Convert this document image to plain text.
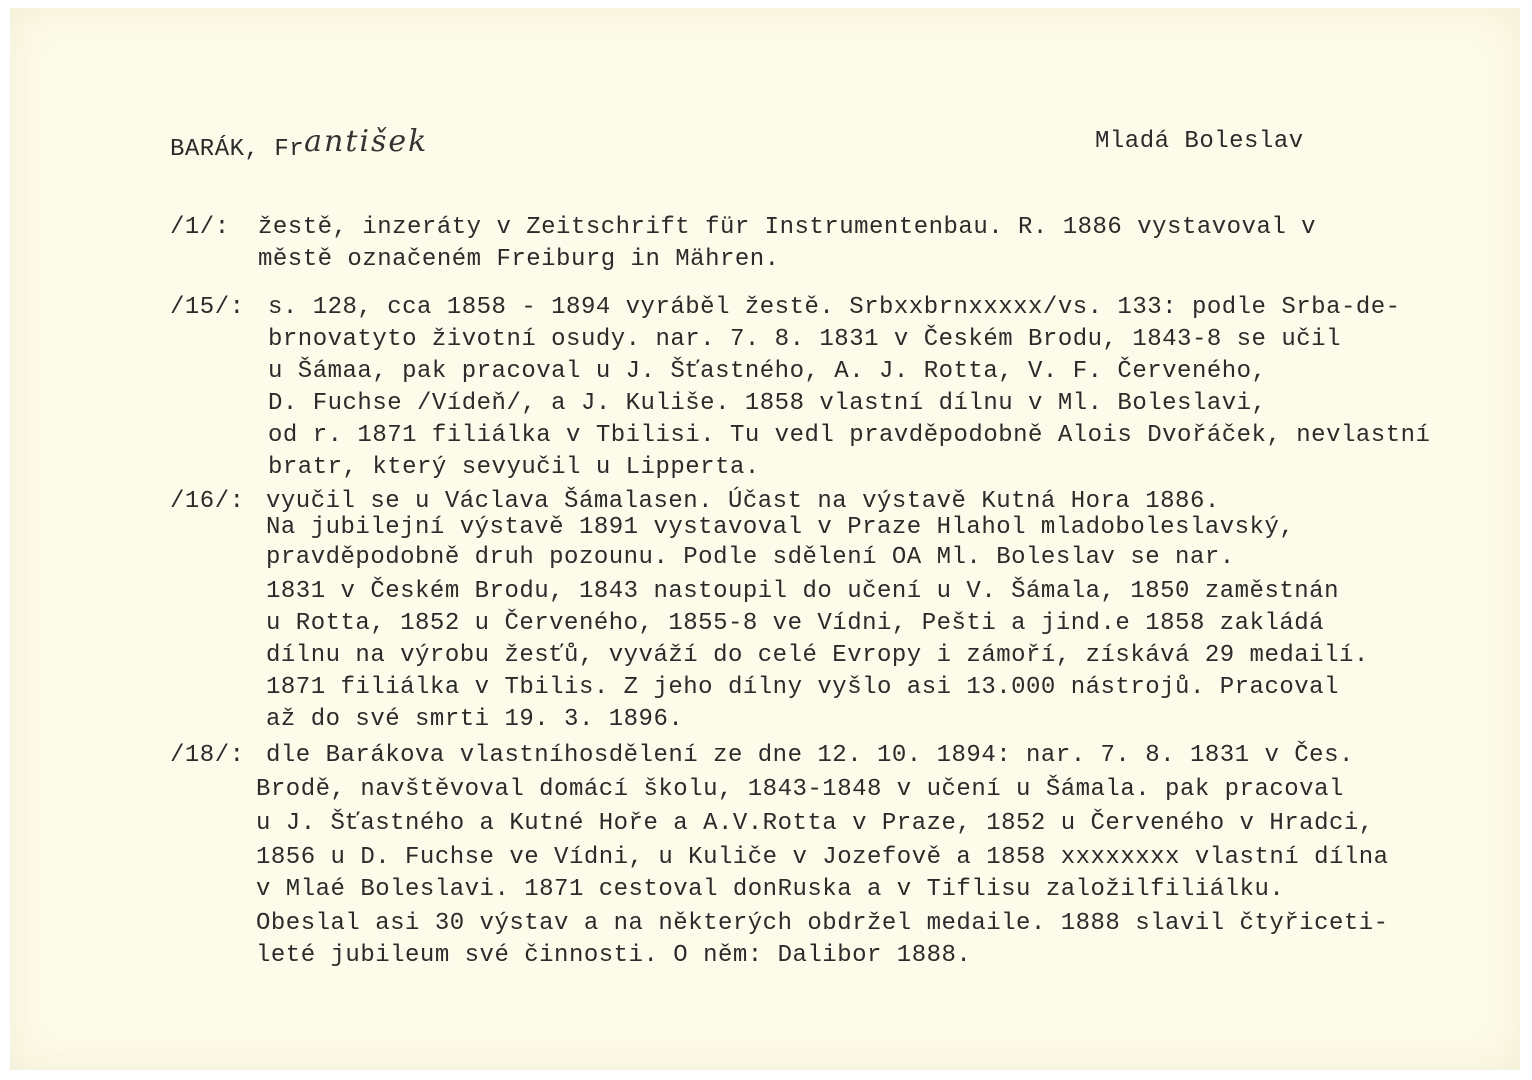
BARÁK, František	Mladá Boleslav
/1/:	žestě, inzeráty v Zeitschrift für Instrumentenbau. R. 1886 vystavoval v
městě označeném Freiburg in Mähren.
/15/: s. 128, cca 1858 - 1894 vyráběl žestě. Srbxxbrnxxxxx/vs. 133: podle Srba-de-
brnovatyto životní osudy. nar. 7. 8. 1831 v Českém Brodu, 1843-8 se učil
u Šámaa, pak pracoval u J. Šťastného, A. J. Rotta, V. F. Červeného,
D. Fuchse /Vídeň/, a J. Kuliše. 1858 vlastní dílnu v Ml. Boleslavi,
od r. 1871 filiálka v Tbilisi. Tu vedl pravděpodobně Alois Dvořáček, nevlastní
bratr, který sevyučil u Lipperta.
/16/: vyučil se u Václava Šámalasen. Účast na výstavě Kutná Hora 1886.
Na jubilejní výstavě 1891 vystavoval v Praze Hlahol mladoboleslavský,
pravděpodobně druh pozounu. Podle sdělení OA Ml. Boleslav se nar.
1831 v Českém Brodu, 1843 nastoupil do učení u V. Šámala, 1850 zaměstnán
u Rotta, 1852 u Červeného, 1855-8 ve Vídni, Pešti a jind.e 1858 zakládá
dílnu na výrobu žesťů, vyváží do celé Evropy i zámoří, získává 29 medailí.
1871 filiálka v Tbilis. Z jeho dílny vyšlo asi 13.000 nástrojů. Pracoval
až do své smrti 19. 3. 1896.
/18/: dle Barákova vlastníhosdělení ze dne 12. 10. 1894: nar. 7. 8. 1831 v Čes.
Brodě, navštěvoval domácí školu, 1843-1848 v učení u Šámala. pak pracoval
u J. Šťastného a Kutné Hoře a A.V.Rotta v Praze, 1852 u Červeného v Hradci,
1856 u D. Fuchse ve Vídni, u Kuliče v Jozefově a 1858 xxxxxxxx vlastní dílna
v Mlaé Boleslavi. 1871 cestoval donRuska a v Tiflisu založilfiliálku.
Obeslal asi 30 výstav a na některých obdržel medaile. 1888 slavil čtyřiceti-
leté jubileum své činnosti. O něm: Dalibor 1888.
